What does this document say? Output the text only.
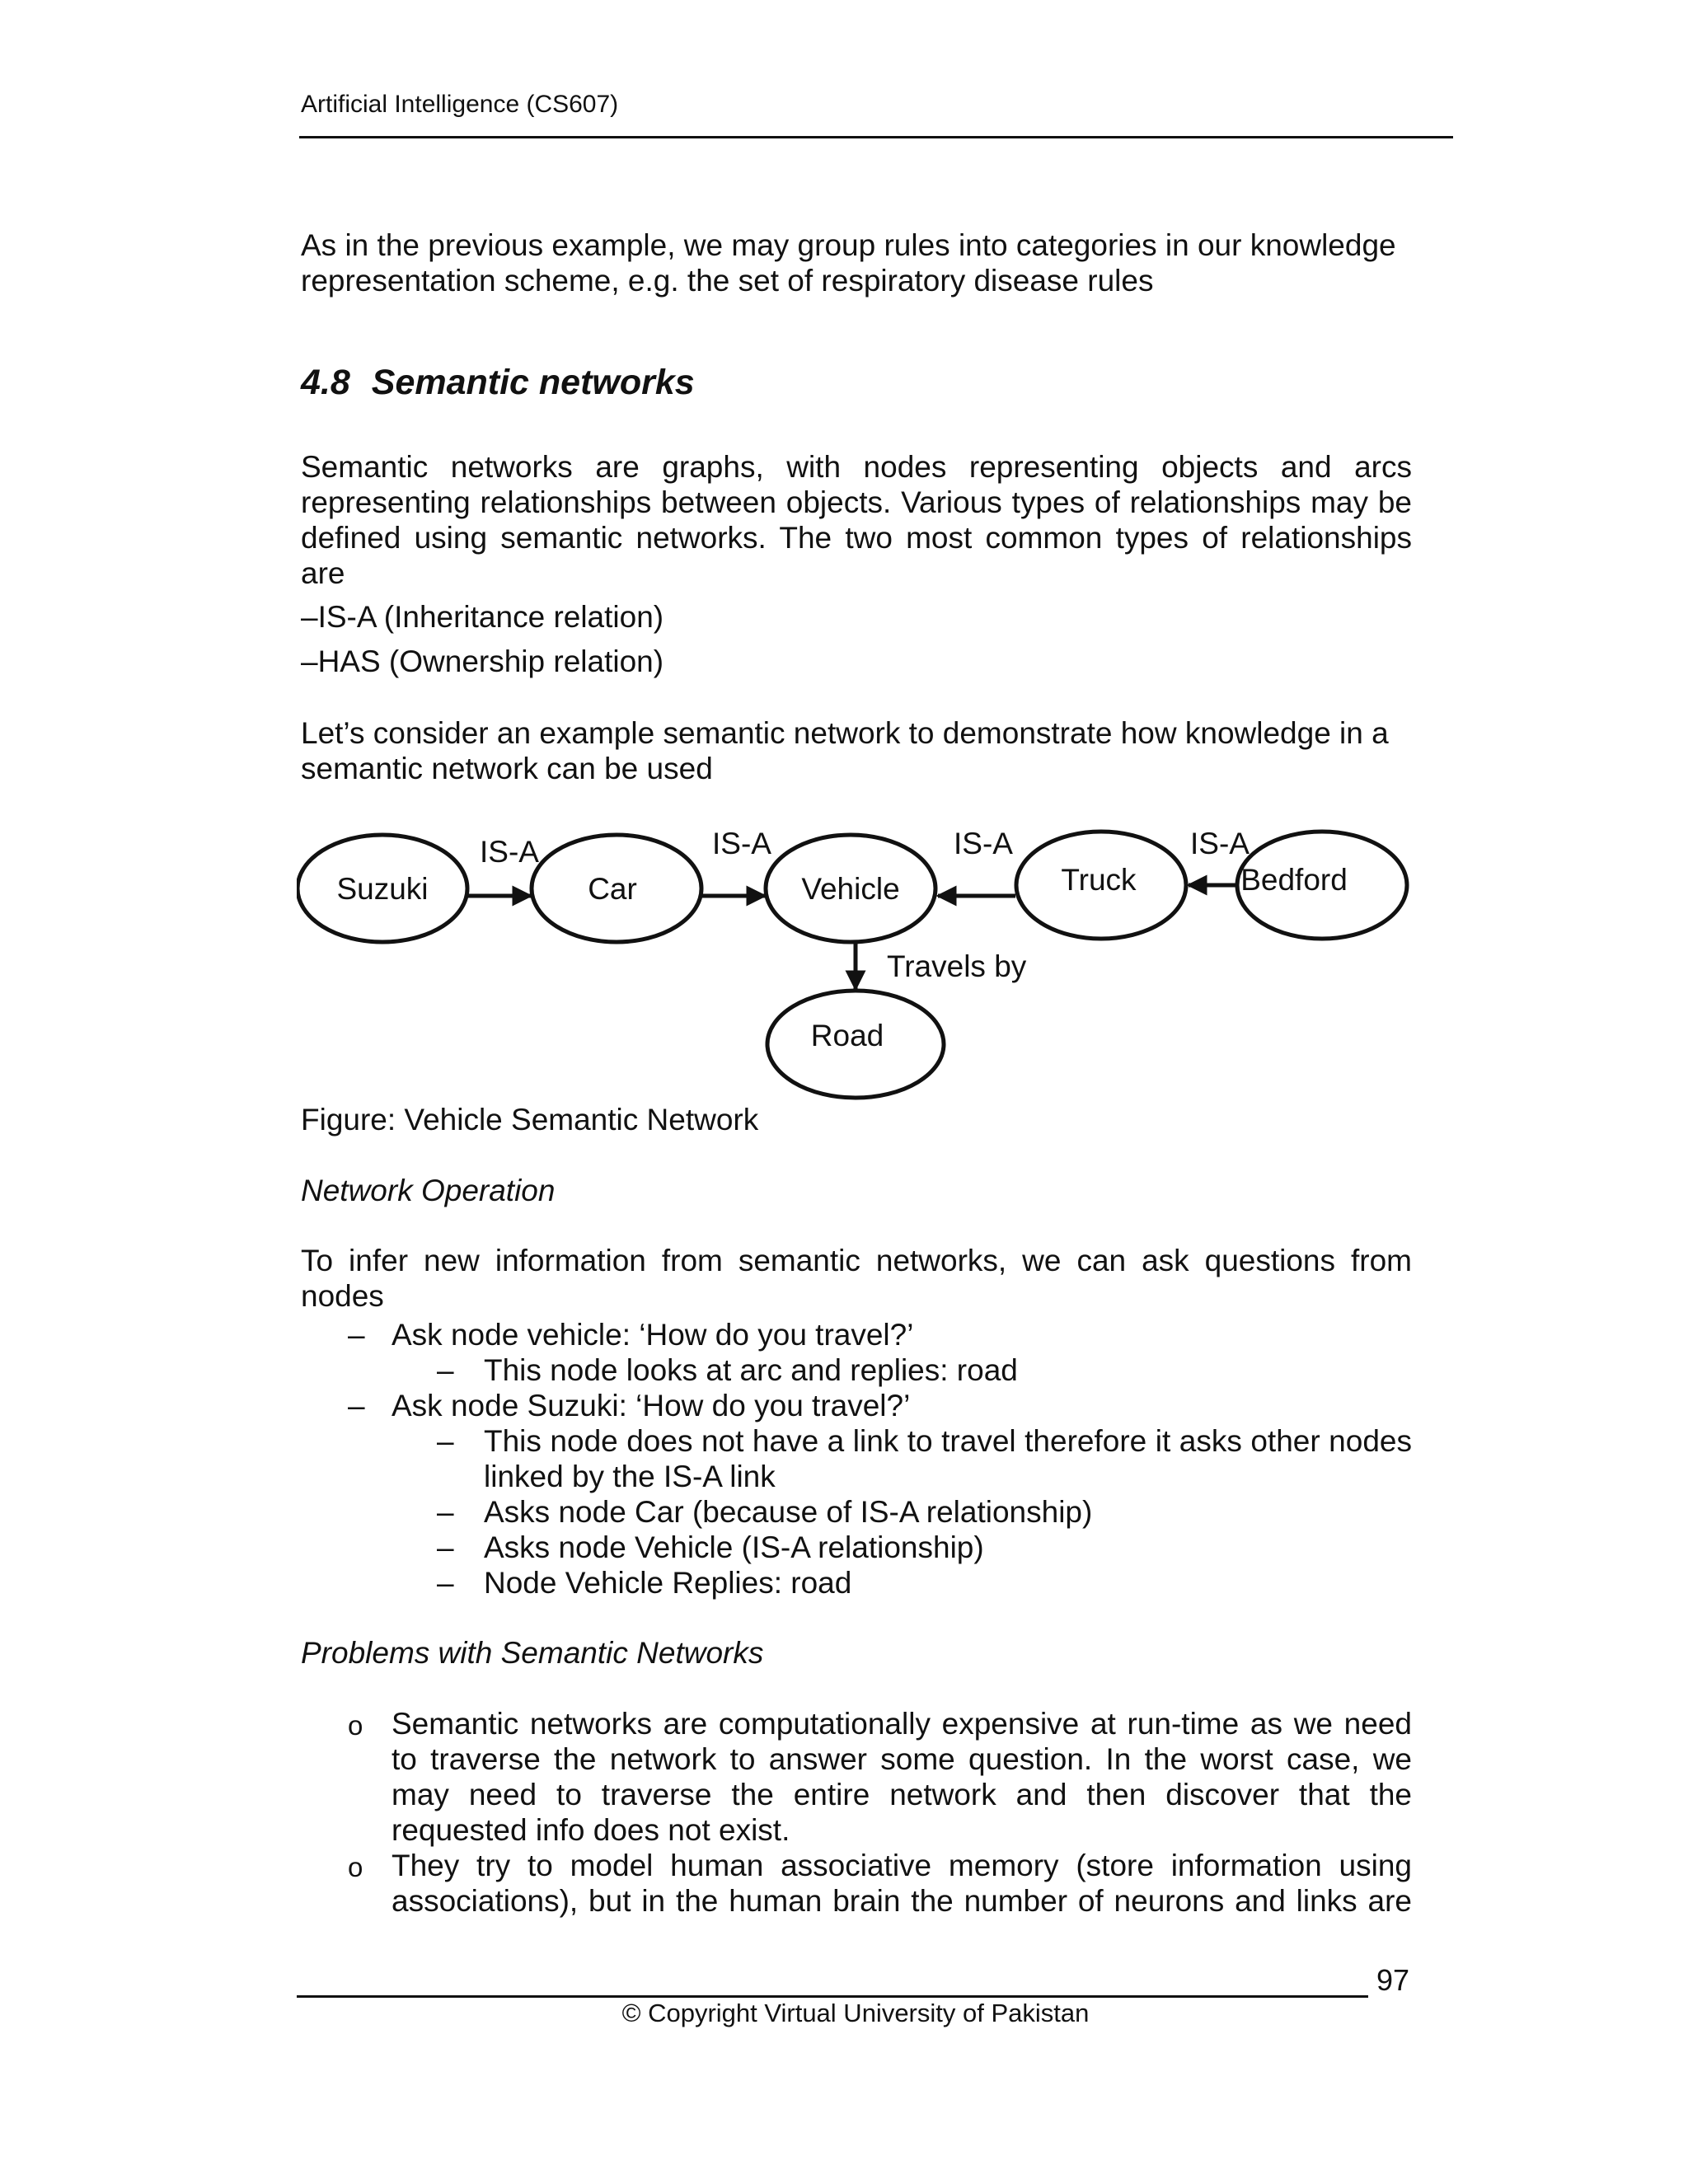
Artificial Intelligence (CS607)
As in the previous example, we may group rules into categories in our knowledge
representation scheme, e.g. the set of respiratory disease rules
4.8 Semantic networks
Semantic networks are graphs, with nodes representing objects and arcs representing relationships between objects. Various types of relationships may be defined using semantic networks. The two most common types of relationships are
–IS-A (Inheritance relation)
–HAS (Ownership relation)
Let’s consider an example semantic network to demonstrate how knowledge in a
semantic network can be used
Suzuki	Car	Vehicle	Truck	Bedford
Road
IS-A	IS-A	IS-A	IS-A
Travels by
Figure: Vehicle Semantic Network
Network Operation
To infer new information from semantic networks, we can ask questions from
nodes
– Ask node vehicle: ‘How do you travel?’
– This node looks at arc and replies: road
– Ask node Suzuki: ‘How do you travel?’
– This node does not have a link to travel therefore it asks other nodes linked by the IS-A link
– Asks node Car (because of IS-A relationship)
– Asks node Vehicle (IS-A relationship)
– Node Vehicle Replies: road
Problems with Semantic Networks
o Semantic networks are computationally expensive at run-time as we need to traverse the network to answer some question. In the worst case, we may need to traverse the entire network and then discover that the requested info does not exist.
o They try to model human associative memory (store information using associations), but in the human brain the number of neurons and links are
97
© Copyright Virtual University of Pakistan
